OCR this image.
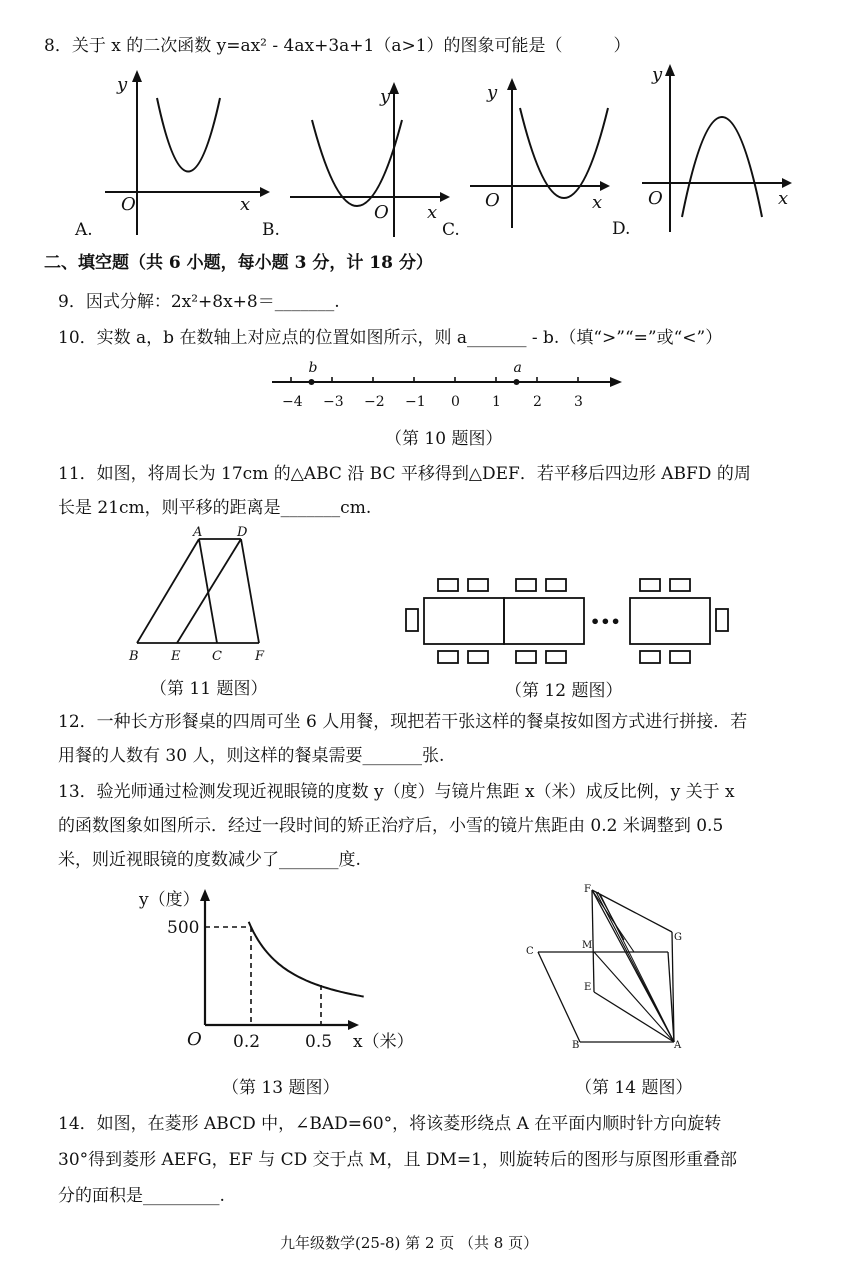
8．关于 x 的二次函数 y=ax² - 4ax+3a+1（a>1）的图象可能是（　　　）
y
O	x
A.
y
O x
B.
y
O	x
C.
y
O	x
D.
二、填空题（共 6 小题，每小题 3 分，计 18 分）
9．因式分解：2x²+8x+8＝_______.
10．实数 a，b 在数轴上对应点的位置如图所示，则 a_______ - b.（填“>”“=”或“<”）
−4 −3 −2 −1 0 1 2 3
b	a
（第 10 题图）
11．如图，将周长为 17cm 的△ABC 沿 BC 平移得到△DEF．若平移后四边形 ABFD 的周
长是 21cm，则平移的距离是_______cm.
A	D
B E C	F
（第 11 题图）
•••
（第 12 题图）
12．一种长方形餐桌的四周可坐 6 人用餐，现把若干张这样的餐桌按如图方式进行拼接．若
用餐的人数有 30 人，则这样的餐桌需要_______张.
13．验光师通过检测发现近视眼镜的度数 y（度）与镜片焦距 x（米）成反比例，y 关于 x
的函数图象如图所示．经过一段时间的矫正治疗后，小雪的镜片焦距由 0.2 米调整到 0.5
米，则近视眼镜的度数减少了_______度.
y（度）
500
O 0.2	0.5 x（米）
（第 13 题图）
F
G
C
M
E
B	A
（第 14 题图）
14．如图，在菱形 ABCD 中，∠BAD=60°，将该菱形绕点 A 在平面内顺时针方向旋转
30°得到菱形 AEFG，EF 与 CD 交于点 M，且 DM=1，则旋转后的图形与原图形重叠部
分的面积是_________.
九年级数学(25-8) 第 2 页 （共 8 页）
